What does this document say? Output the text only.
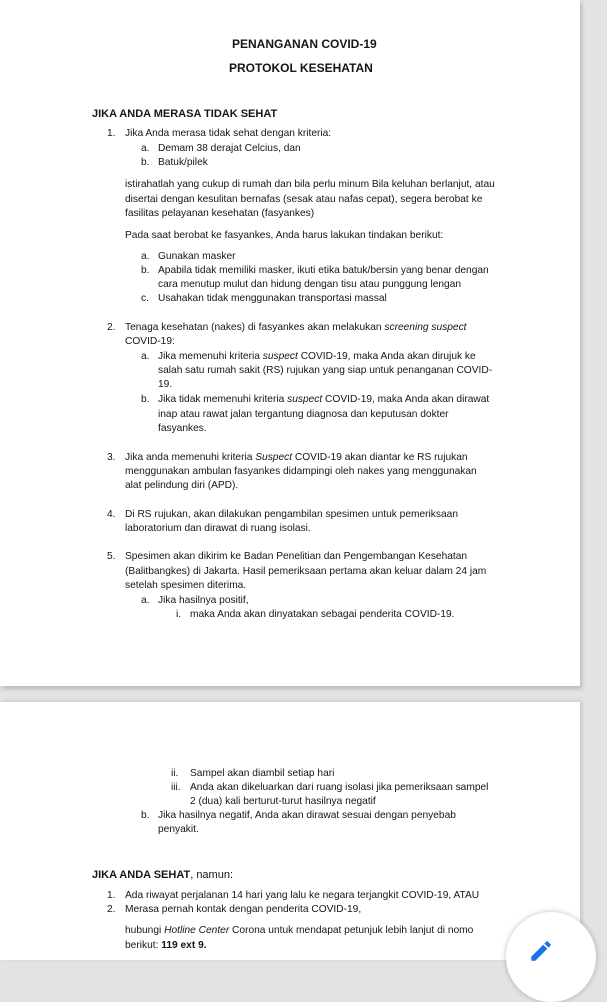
PENANGANAN COVID-19
PROTOKOL KESEHATAN
JIKA ANDA MERASA TIDAK SEHAT
1. Jika Anda merasa tidak sehat dengan kriteria:
a. Demam 38 derajat Celcius, dan
b. Batuk/pilek
istirahatlah yang cukup di rumah dan bila perlu minum Bila keluhan berlanjut, atau
disertai dengan kesulitan bernafas (sesak atau nafas cepat), segera berobat ke
fasilitas pelayanan kesehatan (fasyankes)
Pada saat berobat ke fasyankes, Anda harus lakukan tindakan berikut:
a. Gunakan masker
b. Apabila tidak memiliki masker, ikuti etika batuk/bersin yang benar dengan
cara menutup mulut dan hidung dengan tisu atau punggung lengan
c. Usahakan tidak menggunakan transportasi massal
2. Tenaga kesehatan (nakes) di fasyankes akan melakukan screening suspect
COVID-19:
a. Jika memenuhi kriteria suspect COVID-19, maka Anda akan dirujuk ke
salah satu rumah sakit (RS) rujukan yang siap untuk penanganan COVID-
19.
b. Jika tidak memenuhi kriteria suspect COVID-19, maka Anda akan dirawat
inap atau rawat jalan tergantung diagnosa dan keputusan dokter
fasyankes.
3. Jika anda memenuhi kriteria Suspect COVID-19 akan diantar ke RS rujukan
menggunakan ambulan fasyankes didampingi oleh nakes yang menggunakan
alat pelindung diri (APD).
4. Di RS rujukan, akan dilakukan pengambilan spesimen untuk pemeriksaan
laboratorium dan dirawat di ruang isolasi.
5. Spesimen akan dikirim ke Badan Penelitian dan Pengembangan Kesehatan
(Balitbangkes) di Jakarta. Hasil pemeriksaan pertama akan keluar dalam 24 jam
setelah spesimen diterima.
a. Jika hasilnya positif,
i. maka Anda akan dinyatakan sebagai penderita COVID-19.
ii. Sampel akan diambil setiap hari
iii. Anda akan dikeluarkan dari ruang isolasi jika pemeriksaan sampel
2 (dua) kali berturut-turut hasilnya negatif
b. Jika hasilnya negatif, Anda akan dirawat sesuai dengan penyebab
penyakit.
JIKA ANDA SEHAT, namun:
1. Ada riwayat perjalanan 14 hari yang lalu ke negara terjangkit COVID-19, ATAU
2. Merasa pernah kontak dengan penderita COVID-19,
hubungi Hotline Center Corona untuk mendapat petunjuk lebih lanjut di nomo
berikut: 119 ext 9.
